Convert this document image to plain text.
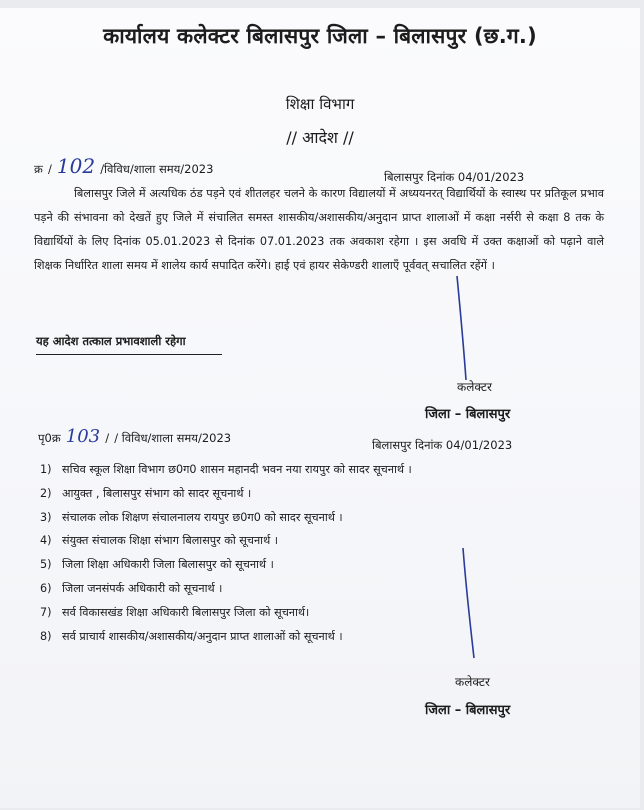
कार्यालय कलेक्टर बिलासपुर जिला – बिलासपुर (छ.ग.)
शिक्षा विभाग
// आदेश //
क्र / 102 /विविध/शाला समय/2023
बिलासपुर दिनांक 04/01/2023
बिलासपुर जिले में अत्यधिक ठंड पड़ने एवं शीतलहर चलने के कारण विद्यालयों में अध्ययनरत् विद्यार्थियों के स्वास्थ पर प्रतिकूल प्रभाव पड़ने की संभावना को देखतें हुए जिले में संचालित समस्त शासकीय/अशासकीय/अनुदान प्राप्त शालाओं में कक्षा नर्सरी से कक्षा 8 तक के विद्यार्थियों के लिए दिनांक 05.01.2023 से दिनांक 07.01.2023 तक अवकाश रहेगा । इस अवधि में उक्त कक्षाओं को पढ़ाने वाले शिक्षक निर्धारित शाला समय में शालेय कार्य सपादित करेंगे। हाई एवं हायर सेकेण्डरी शालाएँ पूर्ववत् सचालित रहेंगें ।
यह आदेश तत्काल प्रभावशाली रहेगा
कलेक्टर
जिला – बिलासपुर
पृ0क्र 103 / / विविध/शाला समय/2023	बिलासपुर दिनांक 04/01/2023
1) सचिव स्कूल शिक्षा विभाग छ0ग0 शासन महानदी भवन नया रायपुर को सादर सूचनार्थ ।
2) आयुक्त , बिलासपुर संभाग को सादर सूचनार्थ ।
3) संचालक लोक शिक्षण संचालनालय रायपुर छ0ग0 को सादर सूचनार्थ ।
4) संयुक्त संचालक शिक्षा संभाग बिलासपुर को सूचनार्थ ।
5) जिला शिक्षा अधिकारी जिला बिलासपुर को सूचनार्थ ।
6) जिला जनसंपर्क अधिकारी को सूचनार्थ ।
7) सर्व विकासखंड शिक्षा अधिकारी बिलासपुर जिला को सूचनार्थ।
8) सर्व प्राचार्य शासकीय/अशासकीय/अनुदान प्राप्त शालाओं को सूचनार्थ ।
कलेक्टर
जिला – बिलासपुर
